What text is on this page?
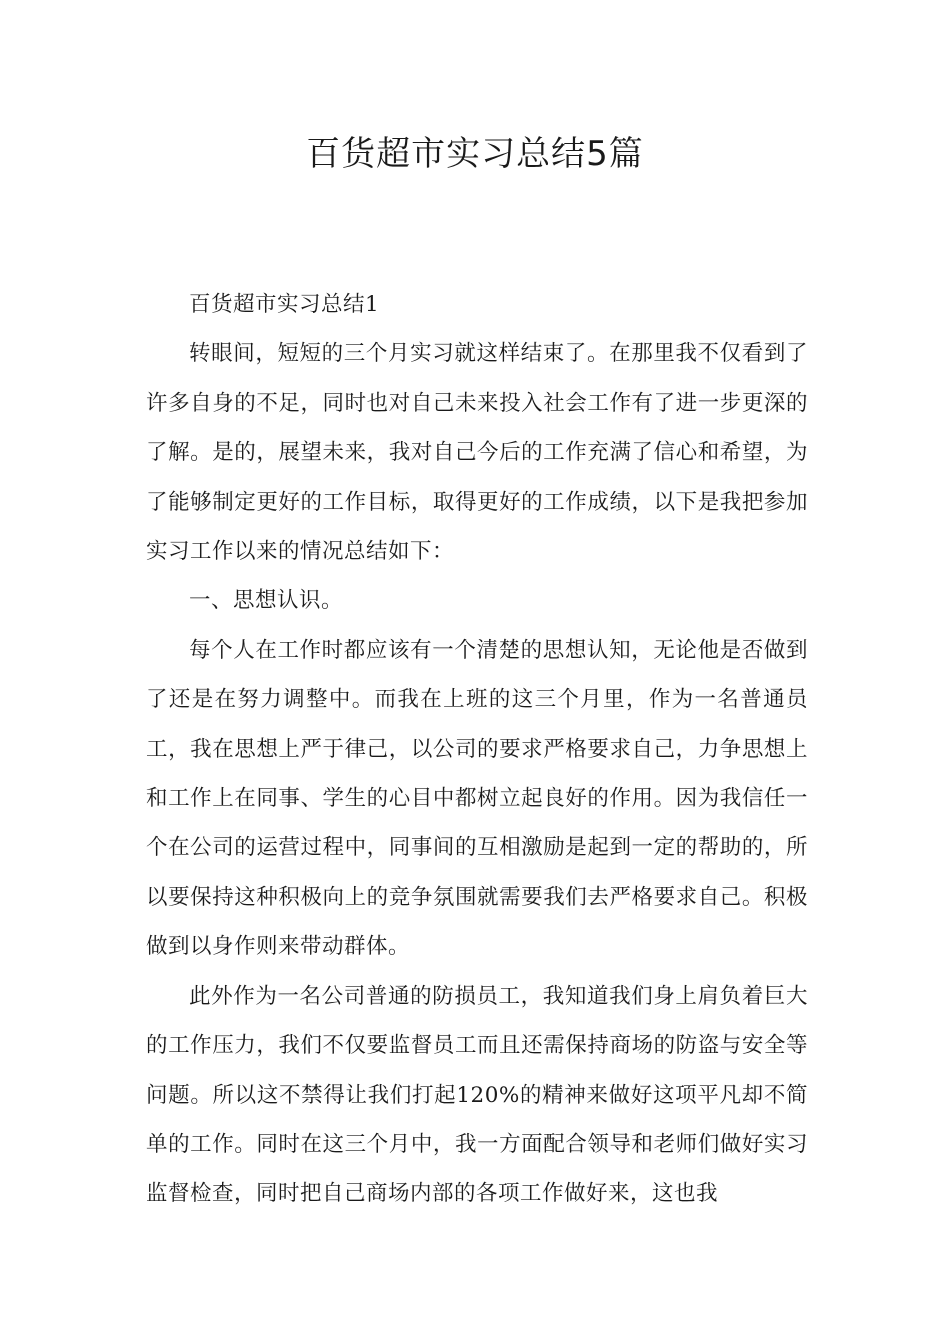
百货超市实习总结5篇

百货超市实习总结1

转眼间，短短的三个月实习就这样结束了。在那里我不仅看到了许多自身的不足，同时也对自己未来投入社会工作有了进一步更深的了解。是的，展望未来，我对自己今后的工作充满了信心和希望，为了能够制定更好的工作目标，取得更好的工作成绩，以下是我把参加实习工作以来的情况总结如下：

一、思想认识。

每个人在工作时都应该有一个清楚的思想认知，无论他是否做到了还是在努力调整中。而我在上班的这三个月里，作为一名普通员工，我在思想上严于律己，以公司的要求严格要求自己，力争思想上和工作上在同事、学生的心目中都树立起良好的作用。因为我信任一个在公司的运营过程中，同事间的互相激励是起到一定的帮助的，所以要保持这种积极向上的竞争氛围就需要我们去严格要求自己。积极做到以身作则来带动群体。

此外作为一名公司普通的防损员工，我知道我们身上肩负着巨大的工作压力，我们不仅要监督员工而且还需保持商场的防盗与安全等问题。所以这不禁得让我们打起120%的精神来做好这项平凡却不简单的工作。同时在这三个月中，我一方面配合领导和老师们做好实习监督检查，同时把自己商场内部的各项工作做好来，这也我
